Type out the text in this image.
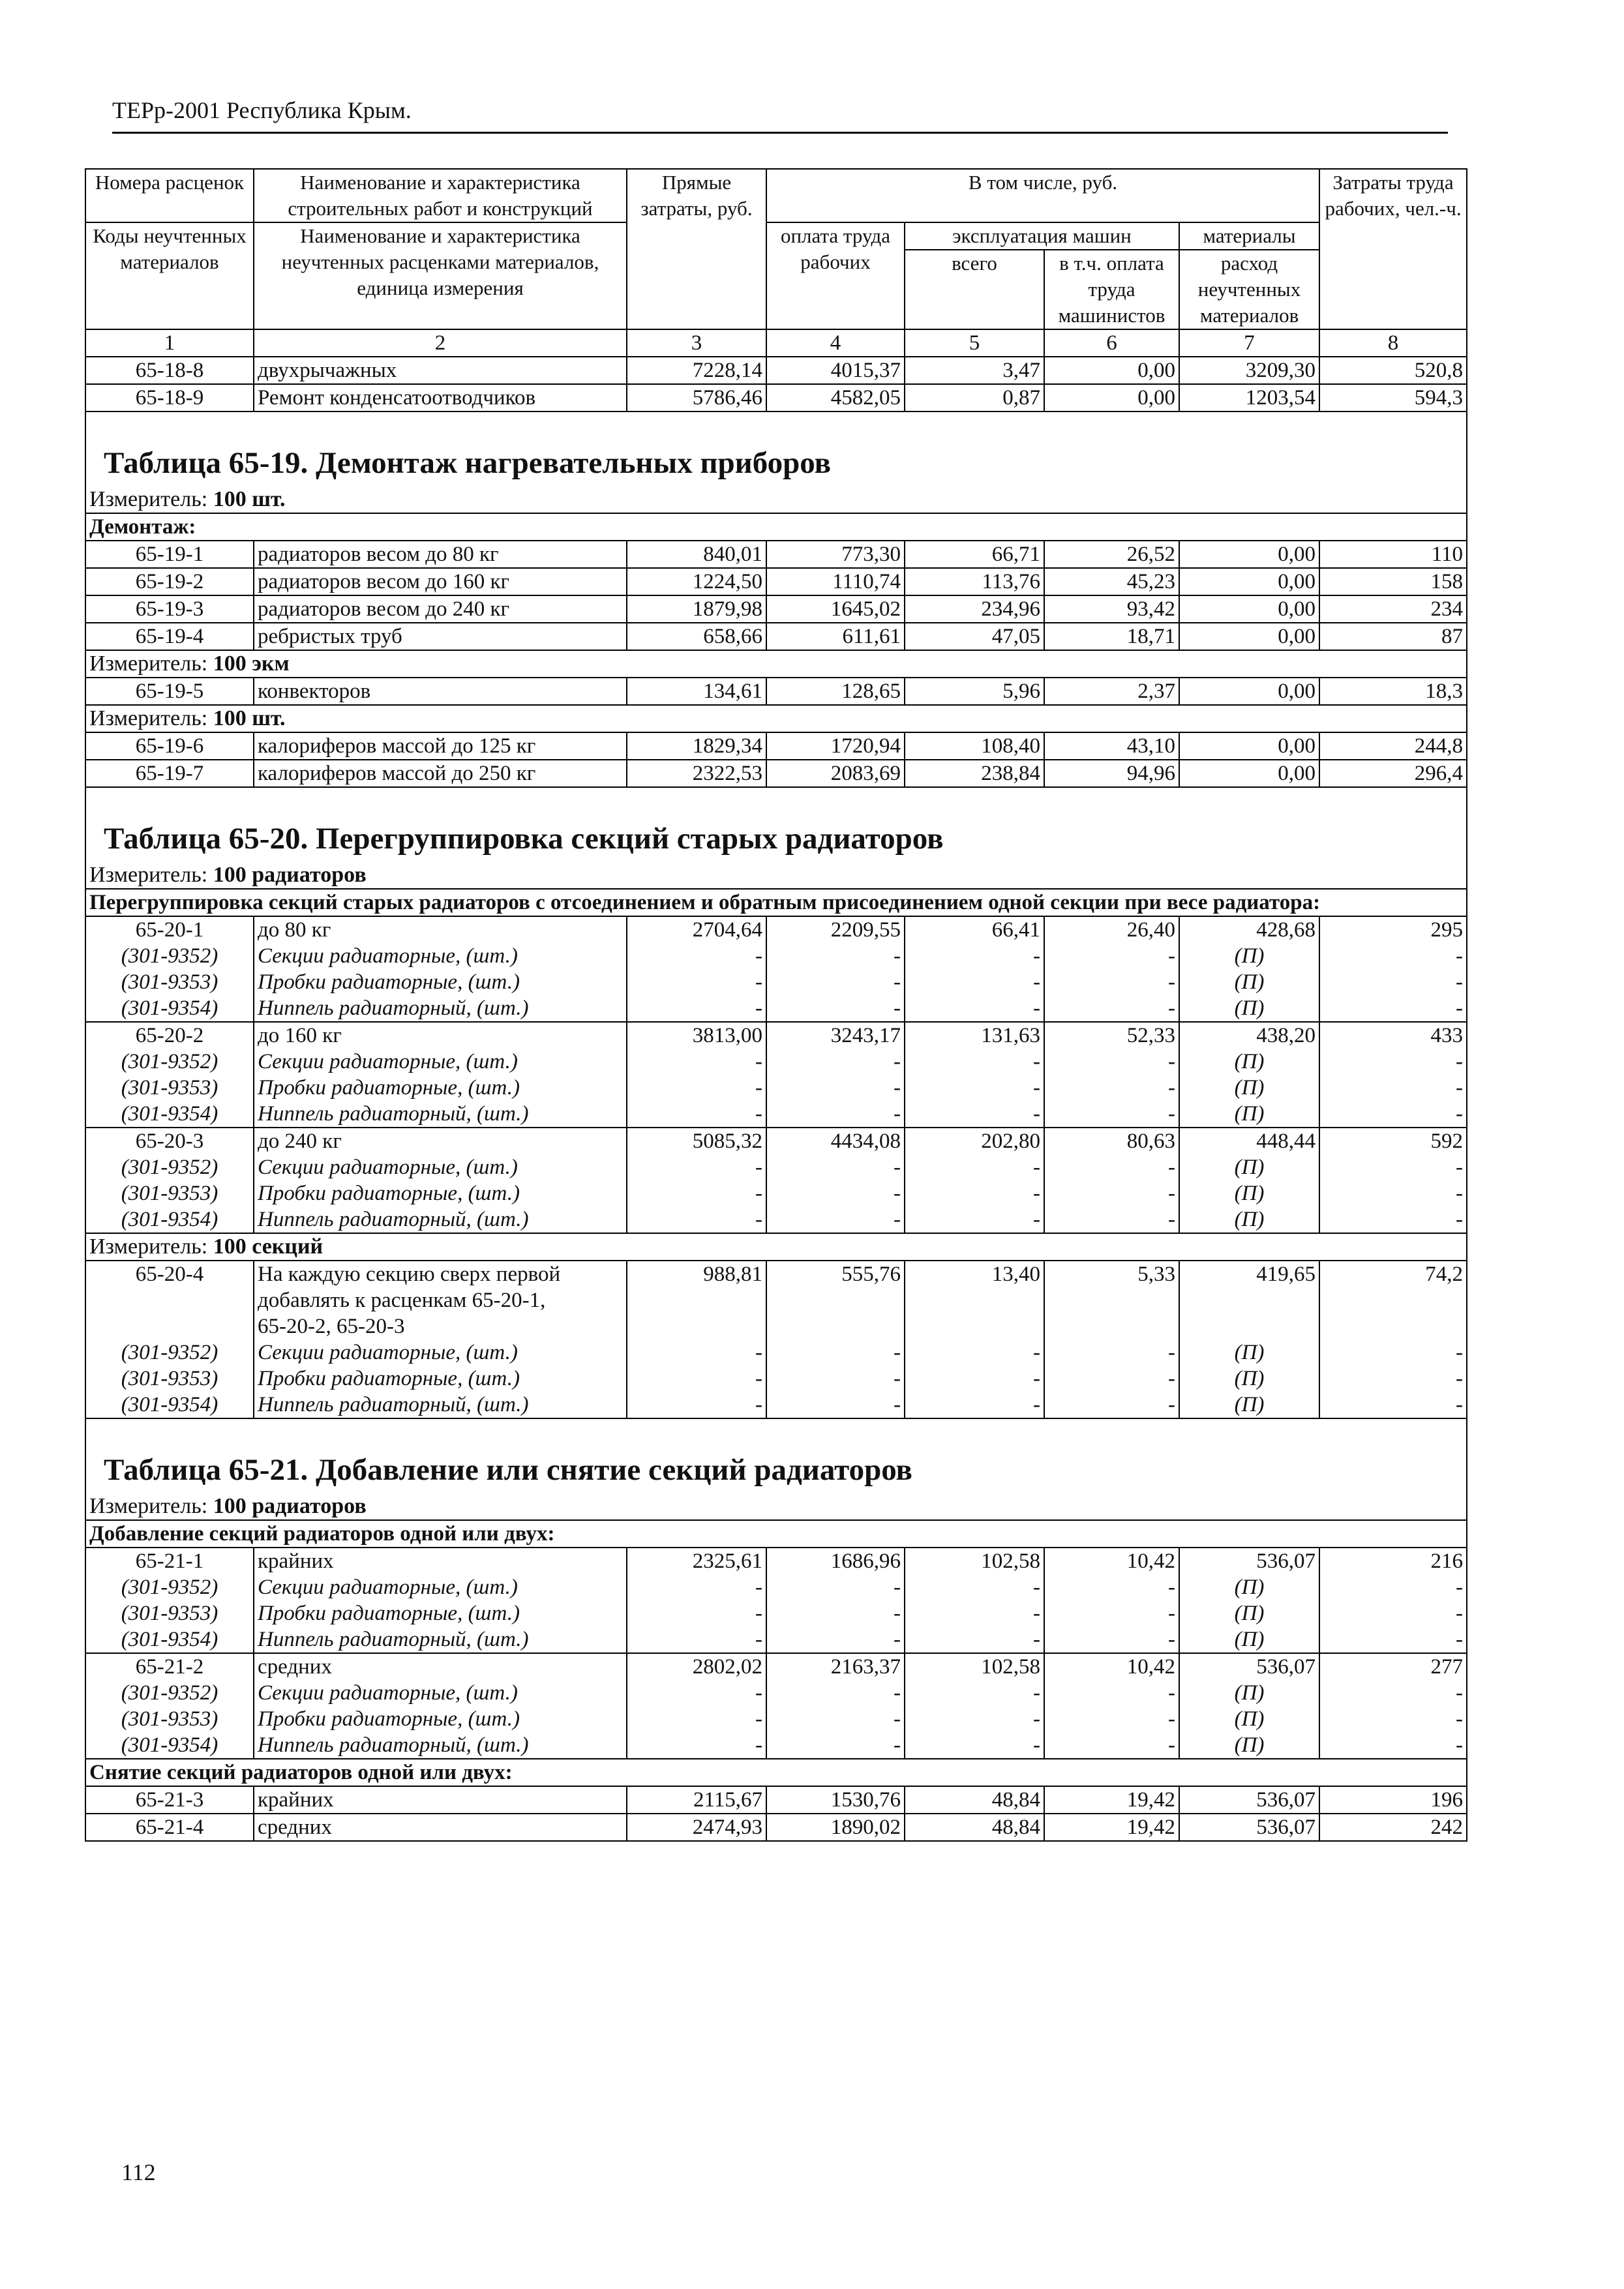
ТЕРр-2001 Республика Крым.
Номера расценок	Наименование и характеристика строительных работ и конструкций	Прямые затраты, руб.	В том числе, руб.				Затраты труда рабочих, чел.-ч.
Коды неучтенных материалов	Наименование и характеристика неучтенных расценками материалов, единица измерения		оплата труда рабочих	эксплуатация машин		материалы	
				всего	в т.ч. оплата труда машинистов	расход неучтенных материалов	
1	2	3	4	5	6	7	8
65-18-8	двухрычажных	7228,14	4015,37	3,47	0,00	3209,30	520,8
65-18-9	Ремонт конденсатоотводчиков	5786,46	4582,05	0,87	0,00	1203,54	594,3

Таблица 65-19. Демонтаж нагревательных приборов							

Измеритель: 100 шт.							
Демонтаж:							
65-19-1	радиаторов весом до 80 кг	840,01	773,30	66,71	26,52	0,00	110
65-19-2	радиаторов весом до 160 кг	1224,50	1110,74	113,76	45,23	0,00	158
65-19-3	радиаторов весом до 240 кг	1879,98	1645,02	234,96	93,42	0,00	234
65-19-4	ребристых труб	658,66	611,61	47,05	18,71	0,00	87
Измеритель: 100 экм							
65-19-5	конвекторов	134,61	128,65	5,96	2,37	0,00	18,3
Измеритель: 100 шт.							
65-19-6	калориферов массой до 125 кг	1829,34	1720,94	108,40	43,10	0,00	244,8
65-19-7	калориферов массой до 250 кг	2322,53	2083,69	238,84	94,96	0,00	296,4

Таблица 65-20. Перегруппировка секций старых радиаторов							

Измеритель: 100 радиаторов							
Перегруппировка секций старых радиаторов с отсоединением и обратным присоединением одной секции при весе радиатора:							
65-20-1	до 80 кг	2704,64	2209,55	66,41	26,40	428,68	295
(301-9352)	Секции радиаторные, (шт.)	-	-	-	-	(П)	-
(301-9353)	Пробки радиаторные, (шт.)	-	-	-	-	(П)	-
(301-9354)	Ниппель радиаторный, (шт.)	-	-	-	-	(П)	-
65-20-2	до 160 кг	3813,00	3243,17	131,63	52,33	438,20	433
(301-9352)	Секции радиаторные, (шт.)	-	-	-	-	(П)	-
(301-9353)	Пробки радиаторные, (шт.)	-	-	-	-	(П)	-
(301-9354)	Ниппель радиаторный, (шт.)	-	-	-	-	(П)	-
65-20-3	до 240 кг	5085,32	4434,08	202,80	80,63	448,44	592
(301-9352)	Секции радиаторные, (шт.)	-	-	-	-	(П)	-
(301-9353)	Пробки радиаторные, (шт.)	-	-	-	-	(П)	-
(301-9354)	Ниппель радиаторный, (шт.)	-	-	-	-	(П)	-
Измеритель: 100 секций							
65-20-4	На каждую секцию сверх первой
добавлять к расценкам 65-20-1,
65-20-2, 65-20-3	988,81	555,76	13,40	5,33	419,65	74,2
(301-9352)	Секции радиаторные, (шт.)	-	-	-	-	(П)	-
(301-9353)	Пробки радиаторные, (шт.)	-	-	-	-	(П)	-
(301-9354)	Ниппель радиаторный, (шт.)	-	-	-	-	(П)	-

Таблица 65-21. Добавление или снятие секций радиаторов							

Измеритель: 100 радиаторов							
Добавление секций радиаторов одной или двух:							
65-21-1	крайних	2325,61	1686,96	102,58	10,42	536,07	216
(301-9352)	Секции радиаторные, (шт.)	-	-	-	-	(П)	-
(301-9353)	Пробки радиаторные, (шт.)	-	-	-	-	(П)	-
(301-9354)	Ниппель радиаторный, (шт.)	-	-	-	-	(П)	-
65-21-2	средних	2802,02	2163,37	102,58	10,42	536,07	277
(301-9352)	Секции радиаторные, (шт.)	-	-	-	-	(П)	-
(301-9353)	Пробки радиаторные, (шт.)	-	-	-	-	(П)	-
(301-9354)	Ниппель радиаторный, (шт.)	-	-	-	-	(П)	-
Снятие секций радиаторов одной или двух:							
65-21-3	крайних	2115,67	1530,76	48,84	19,42	536,07	196
65-21-4	средних	2474,93	1890,02	48,84	19,42	536,07	242
112
